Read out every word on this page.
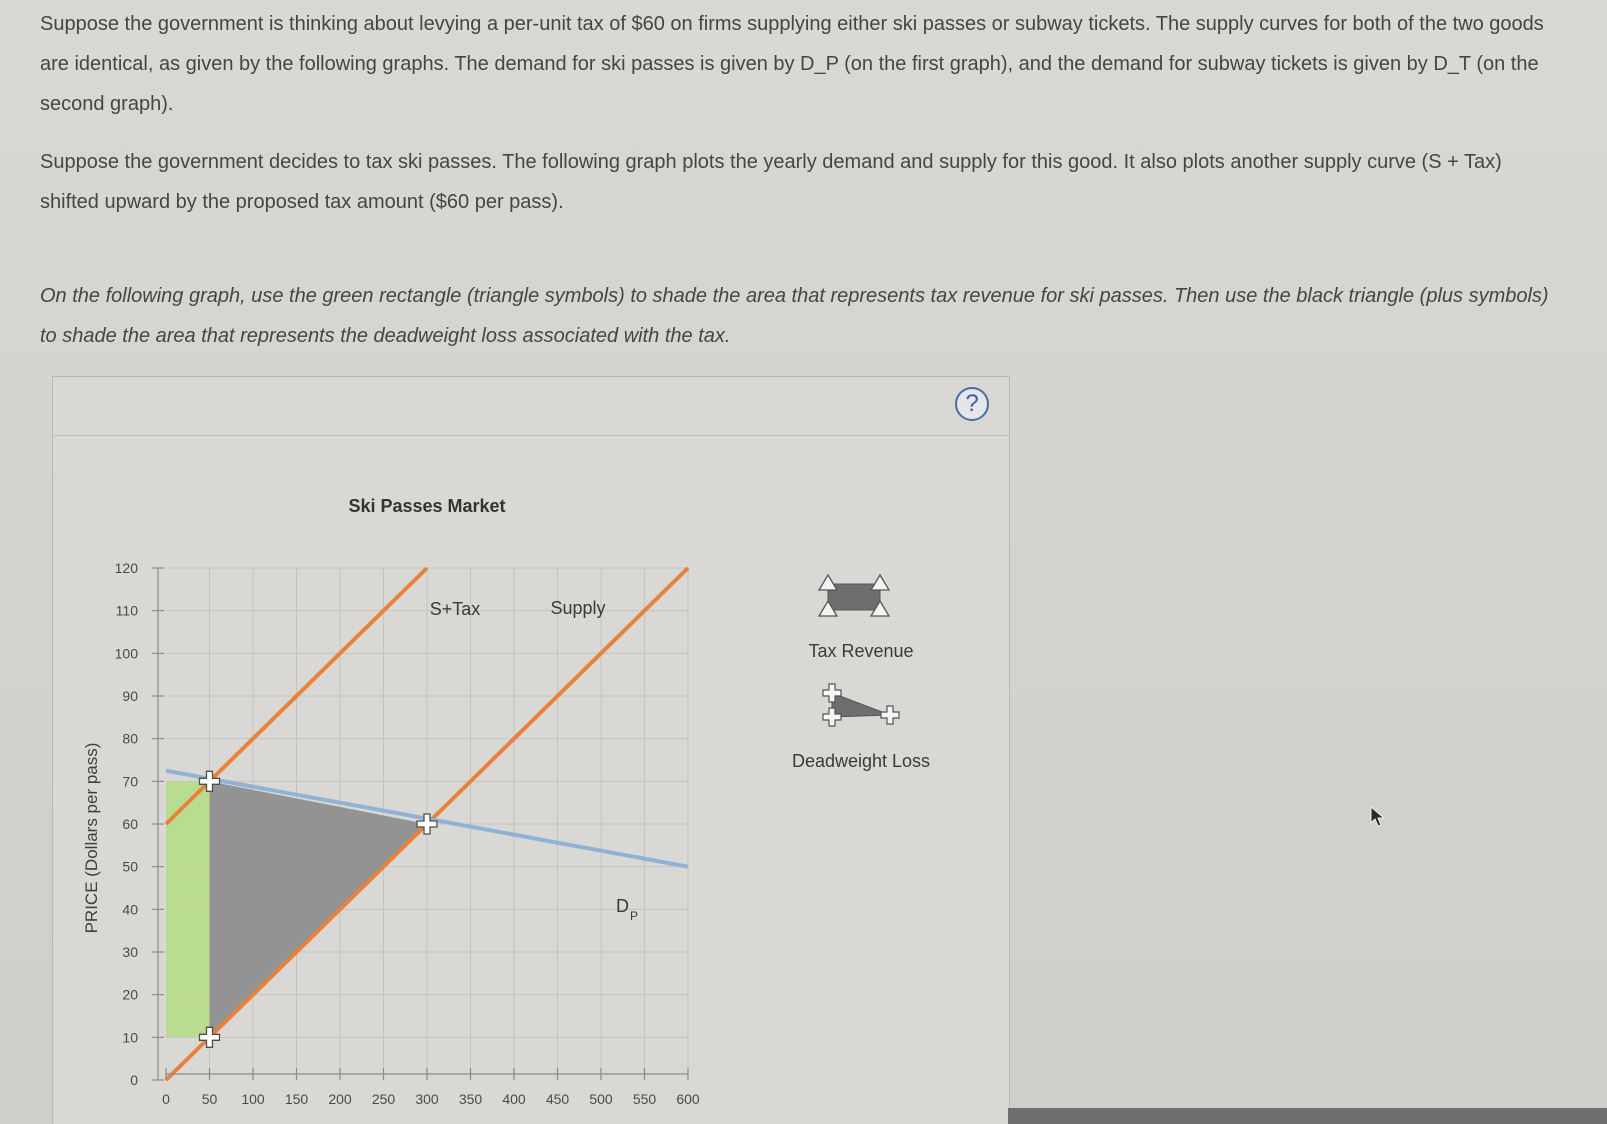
Suppose the government is thinking about levying a per-unit tax of $60 on firms supplying either ski passes or subway tickets. The supply curves for both of the two goods are identical, as given by the following graphs. The demand for ski passes is given by D_P (on the first graph), and the demand for subway tickets is given by D_T (on the second graph).
Suppose the government decides to tax ski passes. The following graph plots the yearly demand and supply for this good. It also plots another supply curve (S + Tax) shifted upward by the proposed tax amount ($60 per pass).
On the following graph, use the green rectangle (triangle symbols) to shade the area that represents tax revenue for ski passes. Then use the black triangle (plus symbols) to shade the area that represents the deadweight loss associated with the tax.
?
0
10
20
30
40
50
60
70
80
90
100
110
120
0 50 100 150 200 250 300 350 400 450 500 550 600
Ski Passes Market
PRICE (Dollars per pass)
S+Tax	Supply
D P
Tax Revenue
Deadweight Loss
